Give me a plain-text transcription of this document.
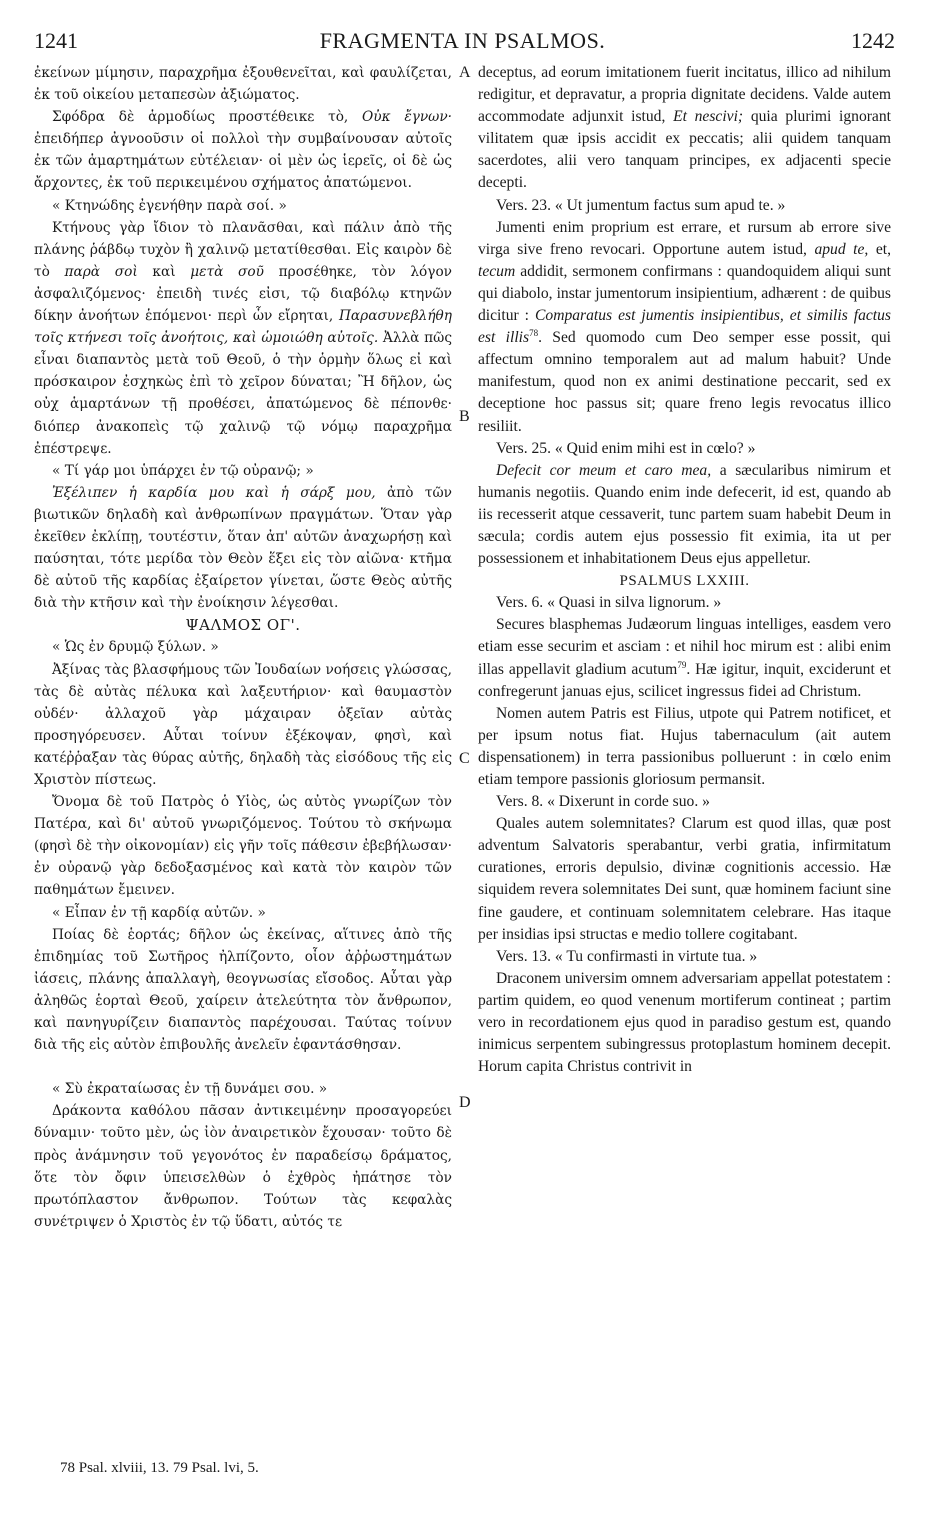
1241	FRAGMENTA IN PSALMOS.	1242

ἐκείνων μίμησιν, παραχρῆμα ἐξουθενεῖται, καὶ φαυλίζεται, ἐκ τοῦ οἰκείου μεταπεσὼν ἀξιώματος.

Σφόδρα δὲ ἁρμοδίως προστέθεικε τὸ, Οὐκ ἔγνων· ἐπειδήπερ ἀγνοοῦσιν οἱ πολλοὶ τὴν συμβαίνουσαν αὐτοῖς ἐκ τῶν ἁμαρτημάτων εὐτέλειαν· οἱ μὲν ὡς ἱερεῖς, οἱ δὲ ὡς ἄρχοντες, ἐκ τοῦ περικειμένου σχήματος ἀπατώμενοι.

« Κτηνώδης ἐγενήθην παρὰ σοί. »

Κτήνους γὰρ ἴδιον τὸ πλανᾶσθαι, καὶ πάλιν ἀπὸ τῆς πλάνης ῥάβδῳ τυχὸν ἢ χαλινῷ μετατίθεσθαι. Εἰς καιρὸν δὲ τὸ παρὰ σοὶ καὶ μετὰ σοῦ προσέθηκε, τὸν λόγον ἀσφαλιζόμενος· ἐπειδὴ τινές εἰσι, τῷ διαβόλῳ κτηνῶν δίκην ἀνοήτων ἑπόμενοι· περὶ ὧν εἴρηται, Παρασυνεβλήθη τοῖς κτήνεσι τοῖς ἀνοήτοις, καὶ ὡμοιώθη αὐτοῖς. Ἀλλὰ πῶς εἶναι διαπαντὸς μετὰ τοῦ Θεοῦ, ὁ τὴν ὁρμὴν ὅλως εἰ καὶ πρόσκαιρον ἐσχηκὼς ἐπὶ τὸ χεῖρον δύναται; Ἢ δῆλον, ὡς οὐχ ἁμαρτάνων τῇ προθέσει, ἀπατώμενος δὲ πέπονθε· διόπερ ἀνακοπεὶς τῷ χαλινῷ τῷ νόμῳ παραχρῆμα ἐπέστρεψε.

« Τί γάρ μοι ὑπάρχει ἐν τῷ οὐρανῷ; »

Ἐξέλιπεν ἡ καρδία μου καὶ ἡ σάρξ μου, ἀπὸ τῶν βιωτικῶν δηλαδὴ καὶ ἀνθρωπίνων πραγμάτων. Ὅταν γὰρ ἐκεῖθεν ἐκλίπῃ, τουτέστιν, ὅταν ἀπ' αὐτῶν ἀναχωρήσῃ καὶ παύσηται, τότε μερίδα τὸν Θεὸν ἕξει εἰς τὸν αἰῶνα· κτῆμα δὲ αὐτοῦ τῆς καρδίας ἐξαίρετον γίνεται, ὥστε Θεὸς αὐτῆς διὰ τὴν κτῆσιν καὶ τὴν ἐνοίκησιν λέγεσθαι.

ΨΑΛΜΟΣ ΟΓ'.

« Ὡς ἐν δρυμῷ ξύλων. »

Ἀξίνας τὰς βλασφήμους τῶν Ἰουδαίων νοήσεις γλώσσας, τὰς δὲ αὐτὰς πέλυκα καὶ λαξευτήριον· καὶ θαυμαστὸν οὐδέν· ἀλλαχοῦ γὰρ μάχαιραν ὀξεῖαν αὐτὰς προσηγόρευσεν. Αὗται τοίνυν ἐξέκοψαν, φησὶ, καὶ κατέῤῥαξαν τὰς θύρας αὐτῆς, δηλαδὴ τὰς εἰσόδους τῆς εἰς Χριστὸν πίστεως.

Ὄνομα δὲ τοῦ Πατρὸς ὁ Υἱὸς, ὡς αὐτὸς γνωρίζων τὸν Πατέρα, καὶ δι' αὐτοῦ γνωριζόμενος. Τούτου τὸ σκήνωμα (φησὶ δὲ τὴν οἰκονομίαν) εἰς γῆν τοῖς πάθεσιν ἐβεβήλωσαν· ἐν οὐρανῷ γὰρ δεδοξασμένος καὶ κατὰ τὸν καιρὸν τῶν παθημάτων ἔμεινεν.

« Εἶπαν ἐν τῇ καρδίᾳ αὐτῶν. »

Ποίας δὲ ἑορτάς; δῆλον ὡς ἐκείνας, αἵτινες ἀπὸ τῆς ἐπιδημίας τοῦ Σωτῆρος ἠλπίζοντο, οἷον ἀῤῥωστημάτων ἰάσεις, πλάνης ἀπαλλαγὴ, θεογνωσίας εἴσοδος. Αὗται γὰρ ἀληθῶς ἑορταὶ Θεοῦ, χαίρειν ἀτελεύτητα τὸν ἄνθρωπον, καὶ πανηγυρίζειν διαπαντὸς παρέχουσαι. Ταύτας τοίνυν διὰ τῆς εἰς αὐτὸν ἐπιβουλῆς ἀνελεῖν ἐφαντάσθησαν.

« Σὺ ἐκραταίωσας ἐν τῇ δυνάμει σου. »

Δράκοντα καθόλου πᾶσαν ἀντικειμένην προσαγορεύει δύναμιν· τοῦτο μὲν, ὡς ἰὸν ἀναιρετικὸν ἔχουσαν· τοῦτο δὲ πρὸς ἀνάμνησιν τοῦ γεγονότος ἐν παραδείσῳ δράματος, ὅτε τὸν ὄφιν ὑπεισελθὼν ὁ ἐχθρὸς ἠπάτησε τὸν πρωτόπλαστον ἄνθρωπον. Τούτων τὰς κεφαλὰς συνέτριψεν ὁ Χριστὸς ἐν τῷ ὕδατι, αὐτός τε

A
B
C
D

deceptus, ad eorum imitationem fuerit incitatus, illico ad nihilum redigitur, et depravatur, a propria dignitate decidens. Valde autem accommodate adjunxit istud, Et nescivi; quia plurimi ignorant vilitatem quæ ipsis accidit ex peccatis; alii quidem tanquam sacerdotes, alii vero tanquam principes, ex adjacenti specie decepti.

Vers. 23. « Ut jumentum factus sum apud te. »

Jumenti enim proprium est errare, et rursum ab errore sive virga sive freno revocari. Opportune autem istud, apud te, et, tecum addidit, sermonem confirmans : quandoquidem aliqui sunt qui diabolo, instar jumentorum insipientium, adhærent : de quibus dicitur : Comparatus est jumentis insipientibus, et similis factus est illis$^{78}$. Sed quomodo cum Deo semper esse possit, qui affectum omnino temporalem aut ad malum habuit? Unde manifestum, quod non ex animi destinatione peccarit, sed ex deceptione hoc passus sit; quare freno legis revocatus illico resiliit.

Vers. 25. « Quid enim mihi est in cœlo? »

Defecit cor meum et caro mea, a sæcularibus nimirum et humanis negotiis. Quando enim inde defecerit, id est, quando ab iis recesserit atque cessaverit, tunc partem suam habebit Deum in sæcula; cordis autem ejus possessio fit eximia, ita ut per possessionem et inhabitationem Deus ejus appelletur.

PSALMUS LXXIII.

Vers. 6. « Quasi in silva lignorum. »

Secures blasphemas Judæorum linguas intelliges, easdem vero etiam esse securim et asciam : et nihil hoc mirum est : alibi enim illas appellavit gladium acutum$^{79}$. Hæ igitur, inquit, exciderunt et confregerunt januas ejus, scilicet ingressus fidei ad Christum.

Nomen autem Patris est Filius, utpote qui Patrem notificet, et per ipsum notus fiat. Hujus tabernaculum (ait autem dispensationem) in terra passionibus polluerunt : in cœlo enim etiam tempore passionis gloriosum permansit.

Vers. 8. « Dixerunt in corde suo. »

Quales autem solemnitates? Clarum est quod illas, quæ post adventum Salvatoris sperabantur, verbi gratia, infirmitatum curationes, erroris depulsio, divinæ cognitionis accessio. Hæ siquidem revera solemnitates Dei sunt, quæ hominem faciunt sine fine gaudere, et continuam solemnitatem celebrare. Has itaque per insidias ipsi structas e medio tollere cogitabant.

Vers. 13. « Tu confirmasti in virtute tua. »

Draconem universim omnem adversariam appellat potestatem : partim quidem, eo quod venenum mortiferum contineat ; partim vero in recordationem ejus quod in paradiso gestum est, quando inimicus serpentem subingressus protoplastum hominem decepit. Horum capita Christus contrivit in

78 Psal. xlviii, 13. 79 Psal. lvi, 5.
